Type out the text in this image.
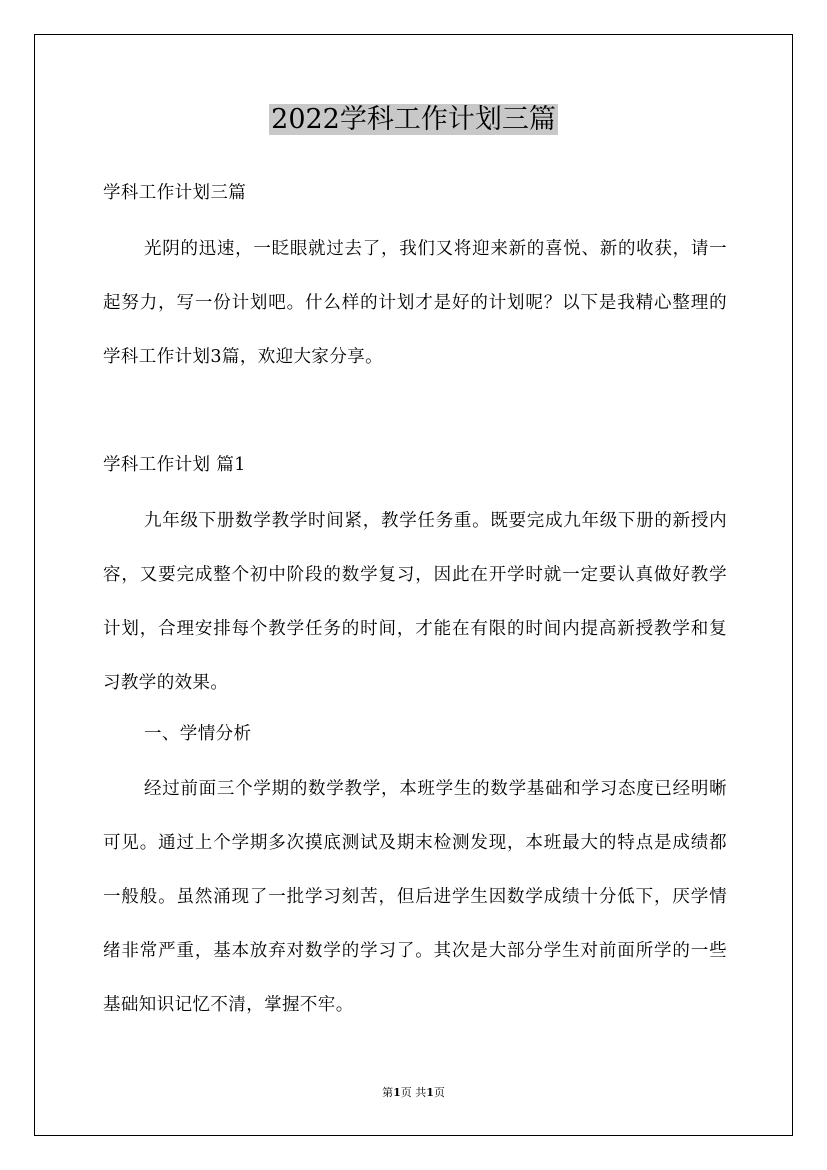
2022学科工作计划三篇
学科工作计划三篇
光阴的迅速，一眨眼就过去了，我们又将迎来新的喜悦、新的收获，请一起努力，写一份计划吧。什么样的计划才是好的计划呢？以下是我精心整理的学科工作计划3篇，欢迎大家分享。
学科工作计划 篇1
九年级下册数学教学时间紧，教学任务重。既要完成九年级下册的新授内容，又要完成整个初中阶段的数学复习，因此在开学时就一定要认真做好教学计划，合理安排每个教学任务的时间，才能在有限的时间内提高新授教学和复习教学的效果。
一、学情分析
经过前面三个学期的数学教学，本班学生的数学基础和学习态度已经明晰可见。通过上个学期多次摸底测试及期末检测发现，本班最大的特点是成绩都一般般。虽然涌现了一批学习刻苦，但后进学生因数学成绩十分低下，厌学情绪非常严重，基本放弃对数学的学习了。其次是大部分学生对前面所学的一些基础知识记忆不清，掌握不牢。
第1页 共1页
